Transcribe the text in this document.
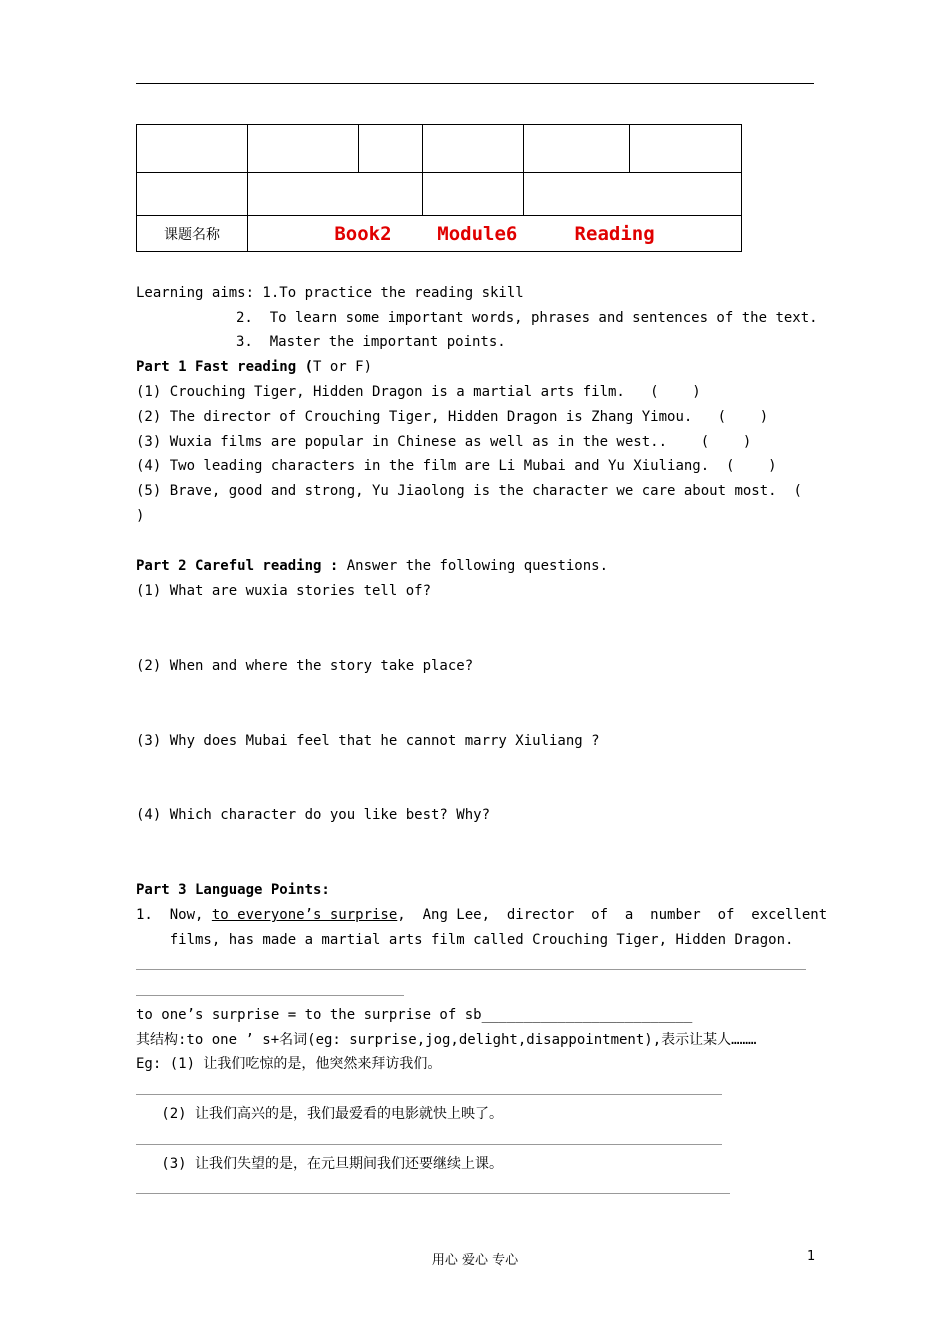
课题名称	Book2    Module6     Reading				
Learning aims: 1.To practice the reading skill
2.  To learn some important words, phrases and sentences of the text.
3.  Master the important points.
Part 1 Fast reading (T or F)
(1) Crouching Tiger, Hidden Dragon is a martial arts film.   (    )
(2) The director of Crouching Tiger, Hidden Dragon is Zhang Yimou.   (    )
(3) Wuxia films are popular in Chinese as well as in the west..    (    )
(4) Two leading characters in the film are Li Mubai and Yu Xiuliang.  (    )
(5) Brave, good and strong, Yu Jiaolong is the character we care about most.  (
)
Part 2 Careful reading : Answer the following questions.
(1) What are wuxia stories tell of?
(2) When and where the story take place?
(3) Why does Mubai feel that he cannot marry Xiuliang ?
(4) Which character do you like best? Why?
Part 3 Language Points:
1.  Now, to everyone’s surprise,  Ang Lee,  director  of  a  number  of  excellent
films, has made a martial arts film called Crouching Tiger, Hidden Dragon.
to one’s surprise = to the surprise of sb_________________________
其结构:to one ’ s+名词(eg: surprise,jog,delight,disappointment),表示让某人………
Eg: (1) 让我们吃惊的是，他突然来拜访我们。
(2) 让我们高兴的是，我们最爱看的电影就快上映了。
(3) 让我们失望的是，在元旦期间我们还要继续上课。
用心 爱心 专心	1
